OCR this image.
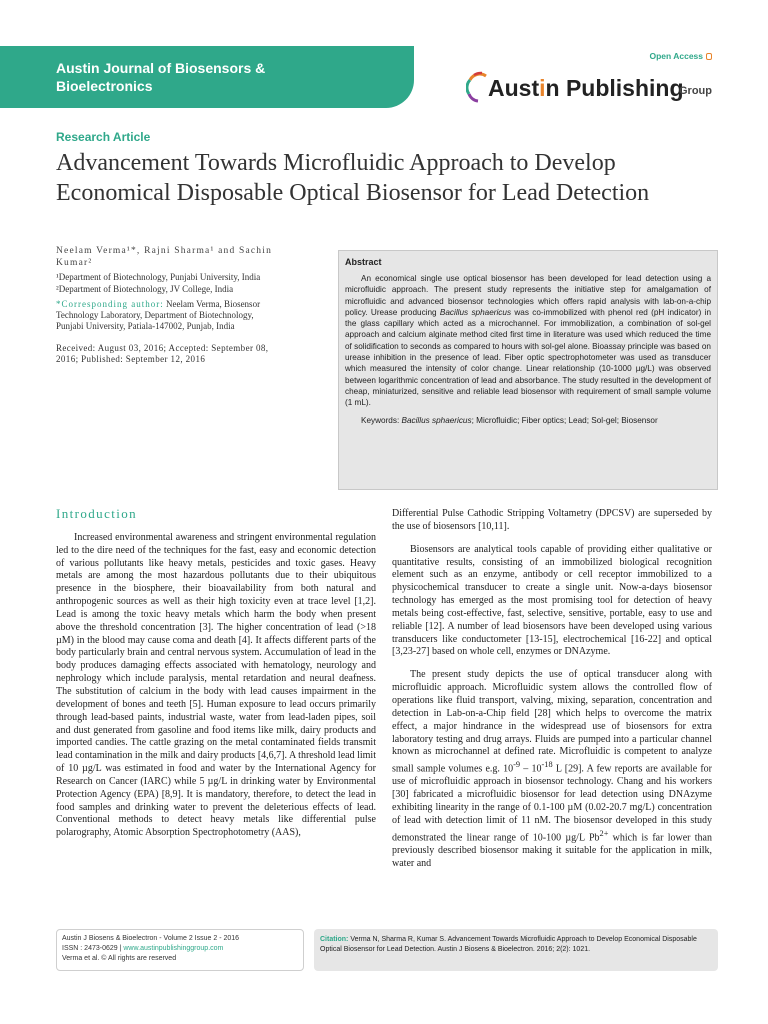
Austin Journal of Biosensors &
Bioelectronics
Open Access
Austin Publishing
Group
Research Article
Advancement Towards Microfluidic Approach to Develop Economical Disposable Optical Biosensor for Lead Detection
Neelam Verma¹*, Rajni Sharma¹ and Sachin
Kumar²
¹Department of Biotechnology, Punjabi University, India
²Department of Biotechnology, JV College, India
*Corresponding author: Neelam Verma, Biosensor
Technology Laboratory, Department of Biotechnology,
Punjabi University, Patiala-147002, Punjab, India
Received: August 03, 2016; Accepted: September 08,
2016; Published: September 12, 2016
Abstract

An economical single use optical biosensor has been developed for lead detection using a microfluidic approach. The present study represents the initiative step for amalgamation of microfluidic and advanced biosensor technologies which offers rapid analysis with lab-on-a-chip policy. Urease producing Bacillus sphaericus was co-immobilized with phenol red (pH indicator) in the glass capillary which acted as a microchannel. For immobilization, a combination of sol-gel approach and calcium alginate method cited first time in literature was used which reduced the time of solidification to seconds as compared to hours with sol-gel alone. Bioassay principle was based on urease inhibition in the presence of lead. Fiber optic spectrophotometer was used as transducer which measured the intensity of color change. Linear relationship (10-1000 µg/L) was observed between logarithmic concentration of lead and absorbance. The study resulted in the development of cheap, miniaturized, sensitive and reliable lead biosensor with requirement of small sample volume (1 mL).

Keywords: Bacillus sphaericus; Microfluidic; Fiber optics; Lead; Sol-gel; Biosensor

Introduction

Increased environmental awareness and stringent environmental regulation led to the dire need of the techniques for the fast, easy and economic detection of various pollutants like heavy metals, pesticides and toxic gases. Heavy metals are among the most hazardous pollutants due to their ubiquitous presence in the biosphere, their bioavailability from both natural and anthropogenic sources as well as their high toxicity even at trace level [1,2]. Lead is among the toxic heavy metals which harm the body when present above the threshold concentration [3]. The higher concentration of lead (>18 µM) in the blood may cause coma and death [4]. It affects different parts of the body particularly brain and central nervous system. Accumulation of lead in the body produces damaging effects associated with hematology, neurology and nephrology which include paralysis, mental retardation and neural deafness. The substitution of calcium in the body with lead causes impairment in the development of bones and teeth [5]. Human exposure to lead occurs primarily through lead-based paints, industrial waste, water from lead-laden pipes, soil and dust generated from gasoline and food items like milk, dairy products and imported candies. The cattle grazing on the metal contaminated fields transmit lead contamination in the milk and dairy products [4,6,7]. A threshold lead limit of 10 µg/L was estimated in food and water by the International Agency for Research on Cancer (IARC) while 5 µg/L in drinking water by Environmental Protection Agency (EPA) [8,9]. It is mandatory, therefore, to detect the lead in food samples and drinking water to prevent the deleterious effects of lead. Conventional methods to detect heavy metals like differential pulse polarography, Atomic Absorption Spectrophotometry (AAS),

Differential Pulse Cathodic Stripping Voltametry (DPCSV) are superseded by the use of biosensors [10,11].

Biosensors are analytical tools capable of providing either qualitative or quantitative results, consisting of an immobilized biological recognition element such as an enzyme, antibody or cell receptor immobilized to a physicochemical transducer to create a single unit. Now-a-days biosensor technology has emerged as the most promising tool for detection of heavy metals being cost-effective, fast, selective, sensitive, portable, easy to use and reliable [12]. A number of lead biosensors have been developed using various transducers like conductometer [13-15], electrochemical [16-22] and optical [3,23-27] based on whole cell, enzymes or DNAzyme.

The present study depicts the use of optical transducer along with microfluidic approach. Microfluidic system allows the controlled flow of operations like fluid transport, valving, mixing, separation, concentration and detection in Lab-on-a-Chip field [28] which helps to overcome the matrix effect, a major hindrance in the widespread use of biosensors for extra laboratory testing and drug arrays. Fluids are pumped into a particular channel known as microchannel at defined rate. Microfluidic is competent to analyze small sample volumes e.g. $10^{-9} - 10^{-18}$ L [29]. A few reports are available for use of microfluidic approach in biosensor technology. Chang and his workers [30] fabricated a microfluidic biosensor for lead detection using DNAzyme exhibiting linearity in the range of 0.1-100 µM (0.02-20.7 mg/L) concentration of lead with detection limit of 11 nM. The biosensor developed in this study demonstrated the linear range of 10-100 µg/L $Pb^{2+}$ which is far lower than previously described biosensor making it suitable for the application in milk, water and

Austin J Biosens & Bioelectron - Volume 2 Issue 2 - 2016
ISSN : 2473-0629 | www.austinpublishinggroup.com
Verma et al. © All rights are reserved
Citation: Verma N, Sharma R, Kumar S. Advancement Towards Microfluidic Approach to Develop Economical Disposable Optical Biosensor for Lead Detection. Austin J Biosens & Bioelectron. 2016; 2(2): 1021.
